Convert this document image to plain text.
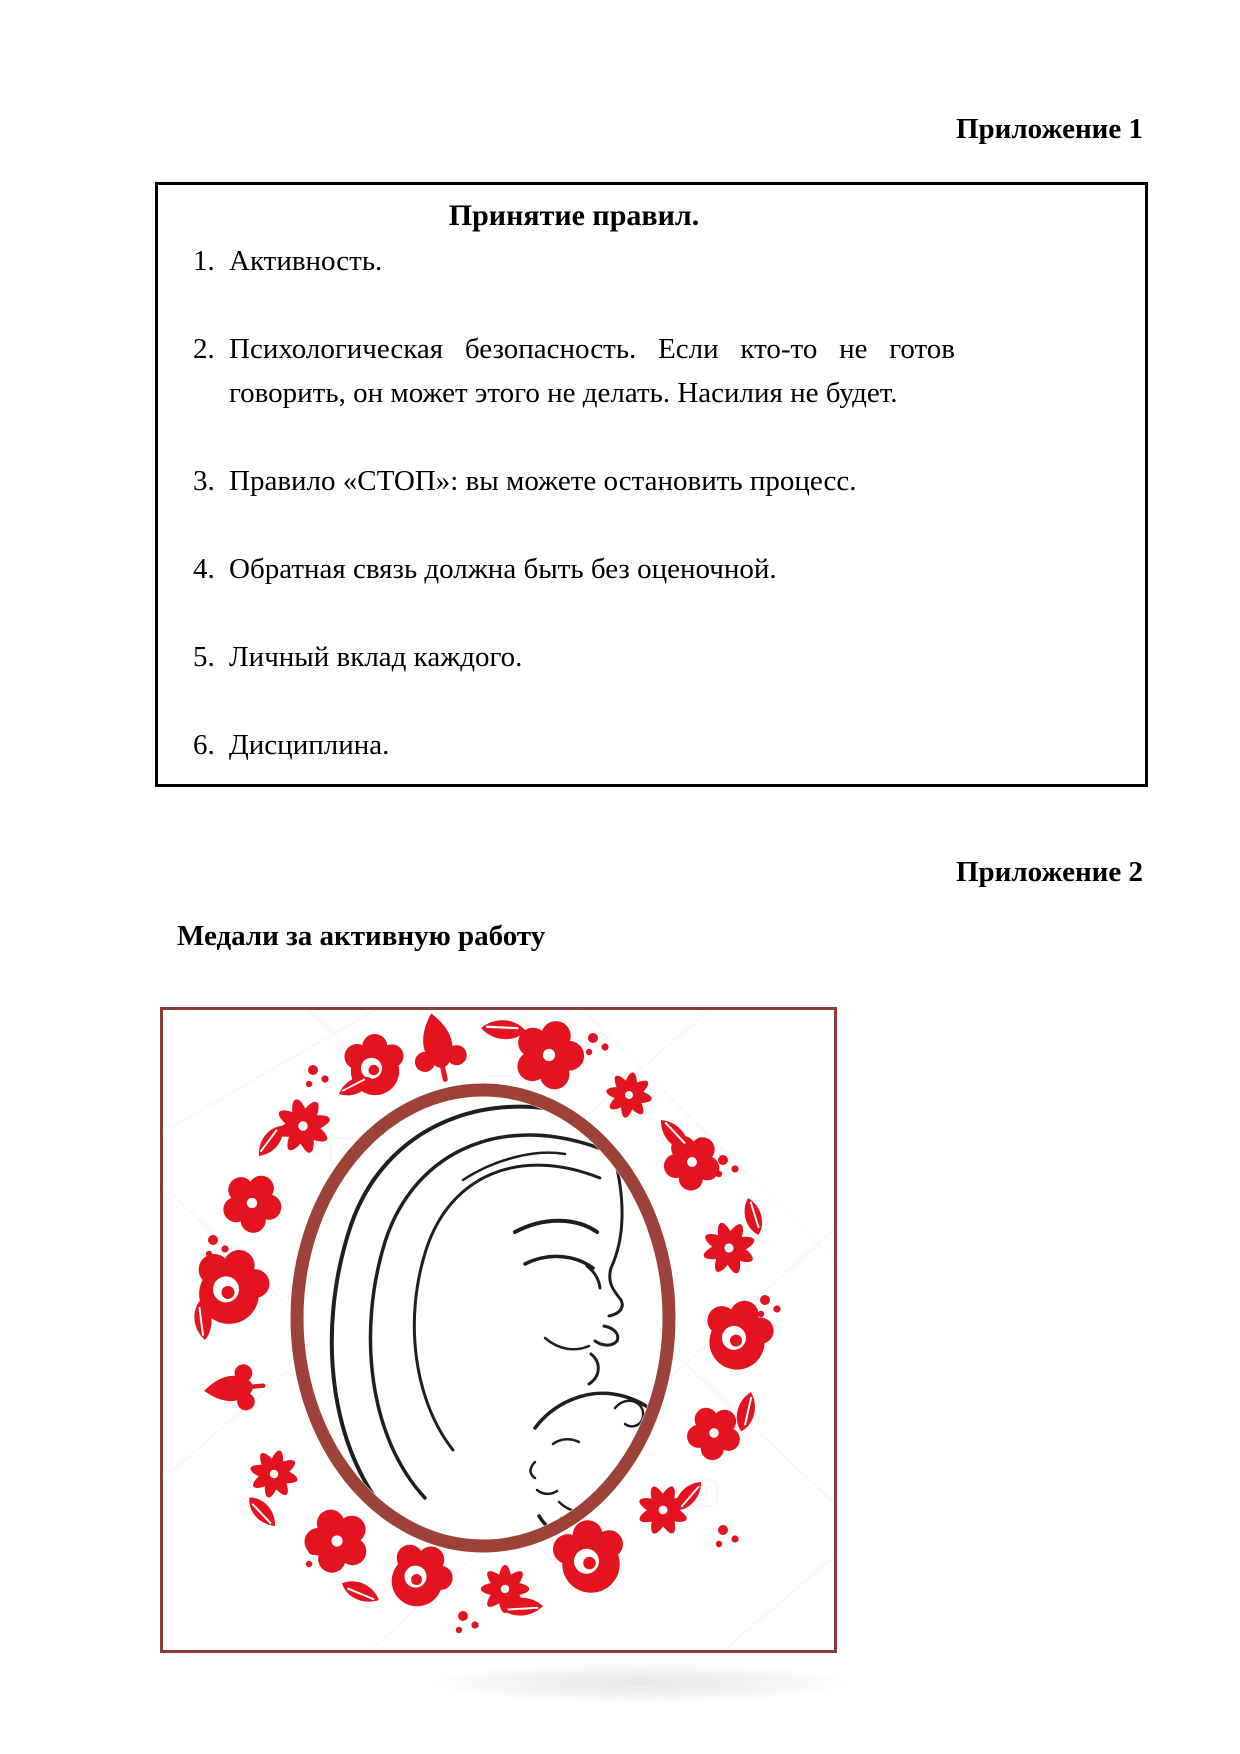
Приложение 1
Принятие правил.
1. Активность.
2. Психологическая безопасность. Если кто-то не готов говорить, он может этого не делать. Насилия не будет.
3. Правило «СТОП»: вы можете остановить процесс.
4. Обратная связь должна быть без оценочной.
5. Личный вклад каждого.
6. Дисциплина.
Приложение 2
Медали за активную работу
